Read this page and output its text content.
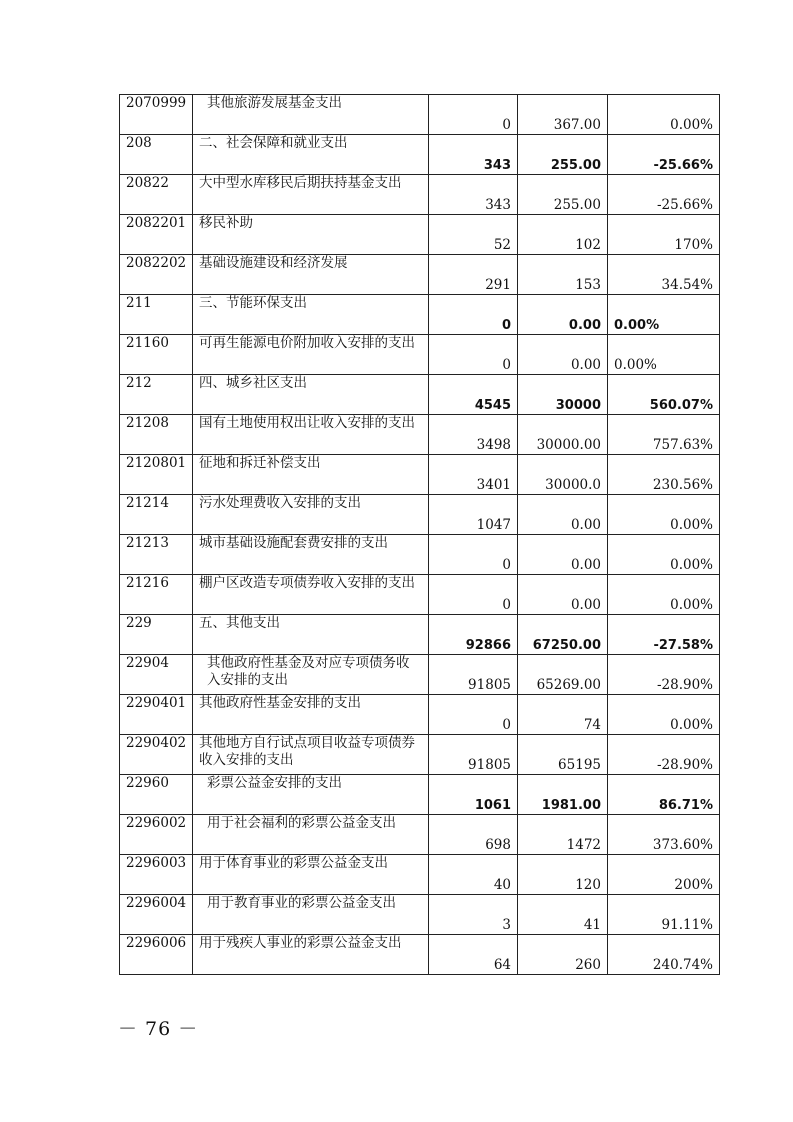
2070999	其他旅游发展基金支出	0	367.00	0.00%
208	二、社会保障和就业支出	343	255.00	-25.66%
20822	大中型水库移民后期扶持基金支出	343	255.00	-25.66%
2082201	移民补助	52	102	170%
2082202	基础设施建设和经济发展	291	153	34.54%
211	三、节能环保支出	0	0.00	0.00%
21160	可再生能源电价附加收入安排的支出	0	0.00	0.00%
212	四、城乡社区支出	4545	30000	560.07%
21208	国有土地使用权出让收入安排的支出	3498	30000.00	757.63%
2120801	征地和拆迁补偿支出	3401	30000.0	230.56%
21214	污水处理费收入安排的支出	1047	0.00	0.00%
21213	城市基础设施配套费安排的支出	0	0.00	0.00%
21216	棚户区改造专项债券收入安排的支出	0	0.00	0.00%
229	五、其他支出	92866	67250.00	-27.58%
22904	其他政府性基金及对应专项债务收入安排的支出	91805	65269.00	-28.90%
2290401	其他政府性基金安排的支出	0	74	0.00%
2290402	其他地方自行试点项目收益专项债券收入安排的支出	91805	65195	-28.90%
22960	彩票公益金安排的支出	1061	1981.00	86.71%
2296002	用于社会福利的彩票公益金支出	698	1472	373.60%
2296003	用于体育事业的彩票公益金支出	40	120	200%
2296004	用于教育事业的彩票公益金支出	3	41	91.11%
2296006	用于残疾人事业的彩票公益金支出	64	260	240.74%
－ 76 －
